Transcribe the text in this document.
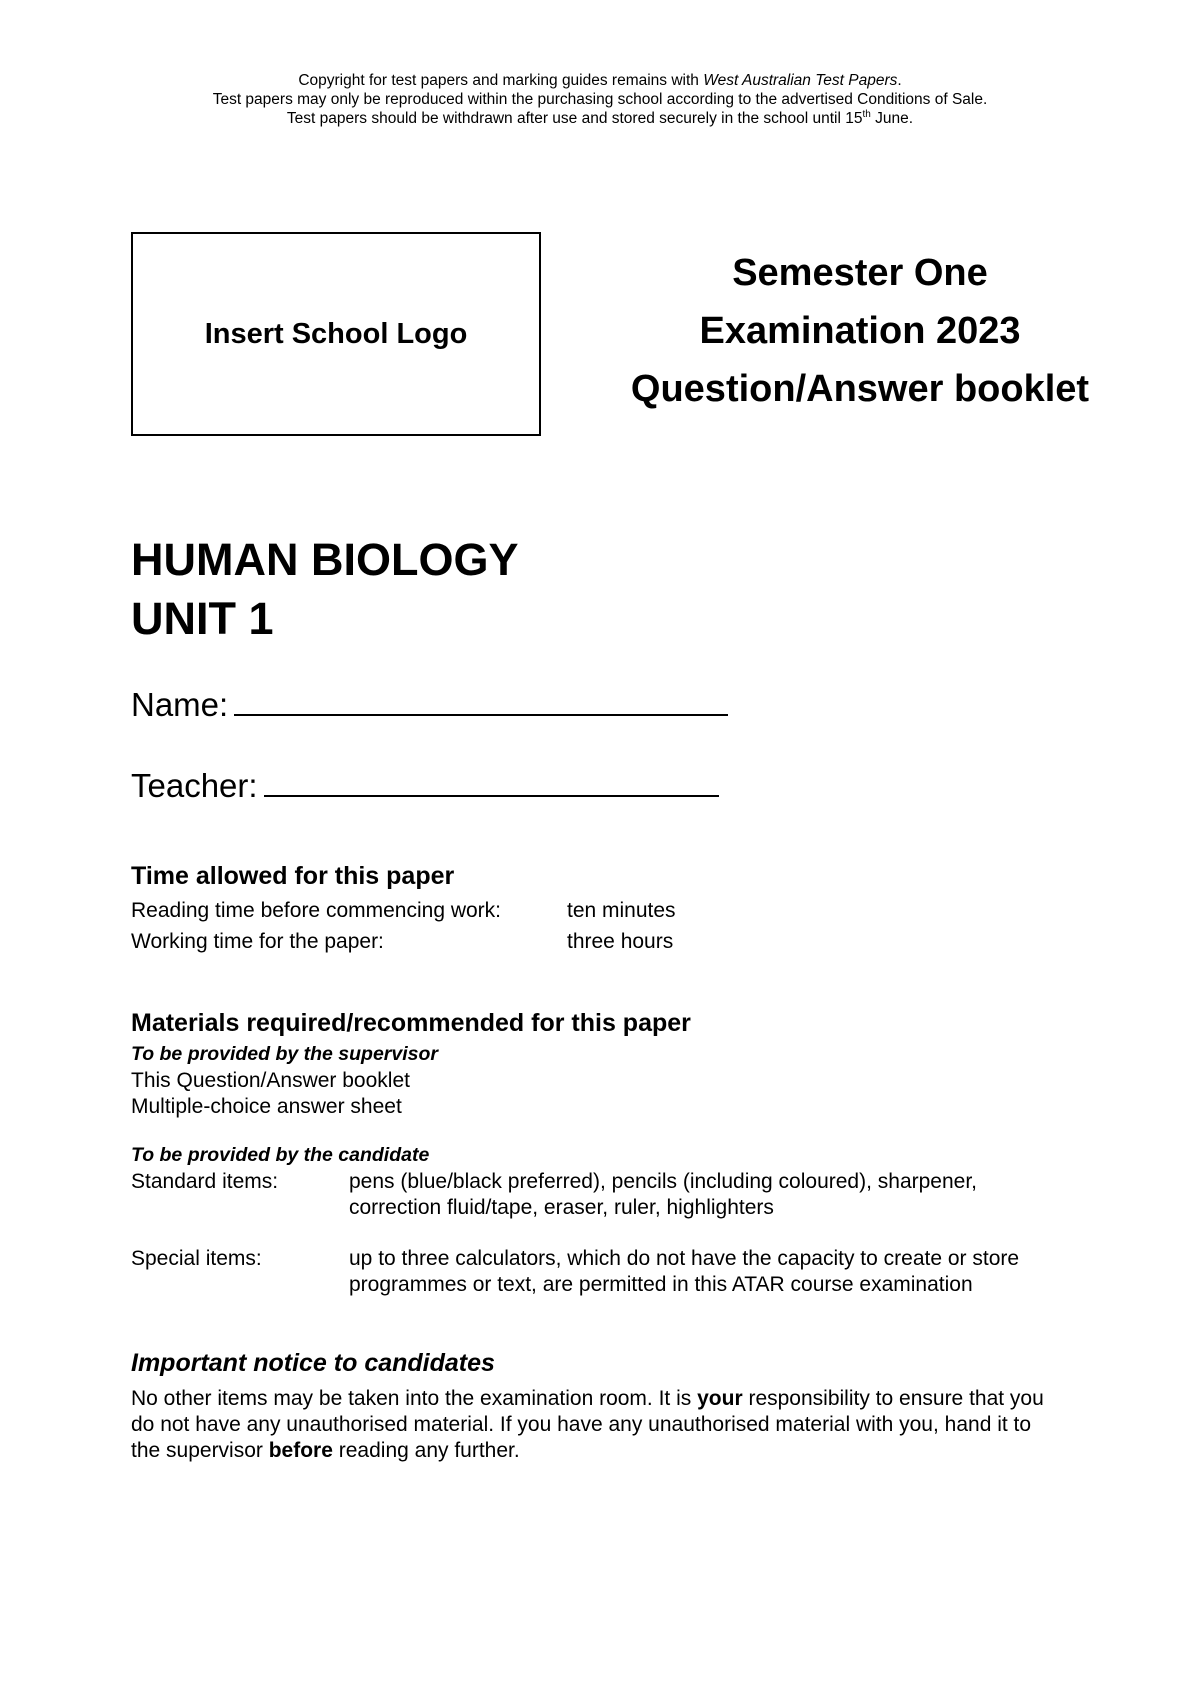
Copyright for test papers and marking guides remains with West Australian Test Papers.

Test papers may only be reproduced within the purchasing school according to the advertised Conditions of Sale.

Test papers should be withdrawn after use and stored securely in the school until 15th June.

Insert School Logo
Semester One
Examination 2023
Question/Answer booklet
HUMAN BIOLOGY
UNIT 1
Name:
Teacher:
Time allowed for this paper
Reading time before commencing work:	ten minutes
Working time for the paper:	three hours
Materials required/recommended for this paper
To be provided by the supervisor
This Question/Answer booklet
Multiple-choice answer sheet
To be provided by the candidate
Standard items:	pens (blue/black preferred), pencils (including coloured), sharpener,
correction fluid/tape, eraser, ruler, highlighters
Special items:	up to three calculators, which do not have the capacity to create or store
programmes or text, are permitted in this ATAR course examination
Important notice to candidates
No other items may be taken into the examination room. It is your responsibility to ensure that you
do not have any unauthorised material. If you have any unauthorised material with you, hand it to
the supervisor before reading any further.
